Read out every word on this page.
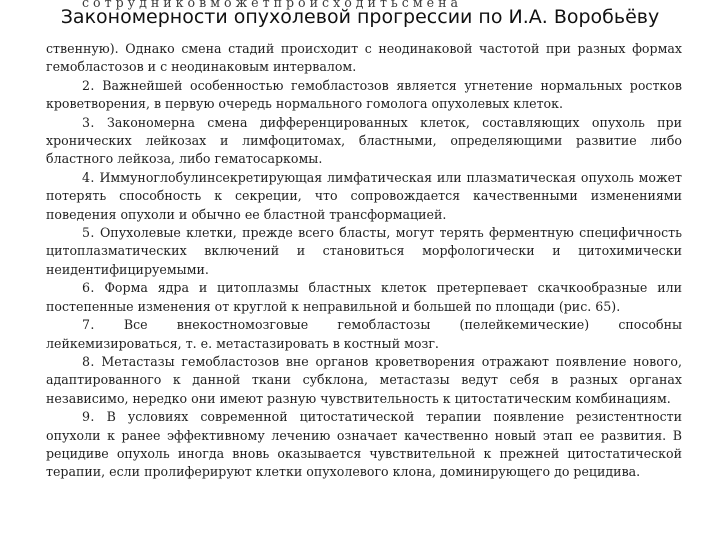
Закономерности опухолевой прогрессии по И.А. Воробьёву

с о т р у д н и к о в м о ж е т п р о и с х о д и т ь с м е н а

ственную). Однако смена стадий происходит с неодинаковой частотой при разных формах гемобластозов и с неодинаковым интервалом.

2. Важнейшей особенностью гемобластозов является угнетение нормальных ростков кроветворения, в первую очередь нормального гомолога опухолевых клеток.

3. Закономерна смена дифференцированных клеток, составляющих опухоль при хронических лейкозах и лимфоцитомах, бластными, определяющими развитие либо бластного лейкоза, либо гематосаркомы.

4. Иммуноглобулинсекретирующая лимфатическая или плазматическая опухоль может потерять способность к секреции, что сопровождается качественными изменениями поведения опухоли и обычно ее бластной трансформацией.

5. Опухолевые клетки, прежде всего бласты, могут терять ферментную специфичность цитоплазматических включений и становиться морфологически и цитохимически неидентифицируемыми.

6. Форма ядра и цитоплазмы бластных клеток претерпевает скачкообразные или постепенные изменения от круглой к неправильной и большей по площади (рис. 65).

7. Все внекостномозговые гемобластозы (пелейкемические) способны лейкемизироваться, т. е. метастазировать в костный мозг.

8. Метастазы гемобластозов вне органов кроветворения отражают появление нового, адаптированного к данной ткани субклона, метастазы ведут себя в разных органах независимо, нередко они имеют разную чувствительность к цитостатическим комбинациям.

9. В условиях современной цитостатической терапии появление резистентности опухоли к ранее эффективному лечению означает качественно новый этап ее развития. В рецидиве опухоль иногда вновь оказывается чувствительной к прежней цитостатической терапии, если пролиферируют клетки опухолевого клона, доминирующего до рецидива.
